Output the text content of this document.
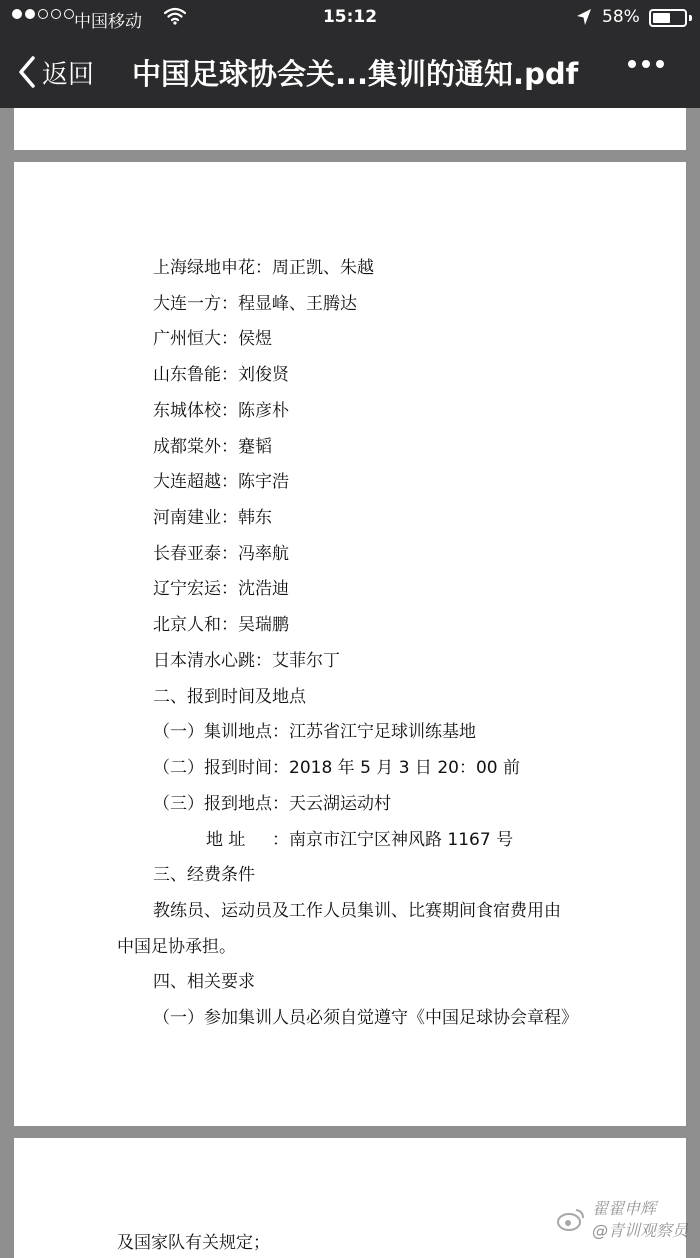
中国移动	15:12	58%
返回 中国足球协会关...集训的通知.pdf
上海绿地申花：周正凯、朱越
大连一方：程显峰、王腾达
广州恒大：侯煜
山东鲁能：刘俊贤
东城体校：陈彦朴
成都棠外：蹇韬
大连超越：陈宇浩
河南建业：韩东
长春亚泰：冯率航
辽宁宏运：沈浩迪
北京人和：吴瑞鹏
日本清水心跳：艾菲尔丁
二、报到时间及地点
（一）集训地点：江苏省江宁足球训练基地
（二）报到时间：2018 年 5 月 3 日 20：00 前
（三）报到地点：天云湖运动村
地 址 ：南京市江宁区神风路 1167 号
三、经费条件
教练员、运动员及工作人员集训、比赛期间食宿费用由
中国足协承担。
四、相关要求
（一）参加集训人员必须自觉遵守《中国足球协会章程》
及国家队有关规定；
翟翟申辉
@青训观察员
